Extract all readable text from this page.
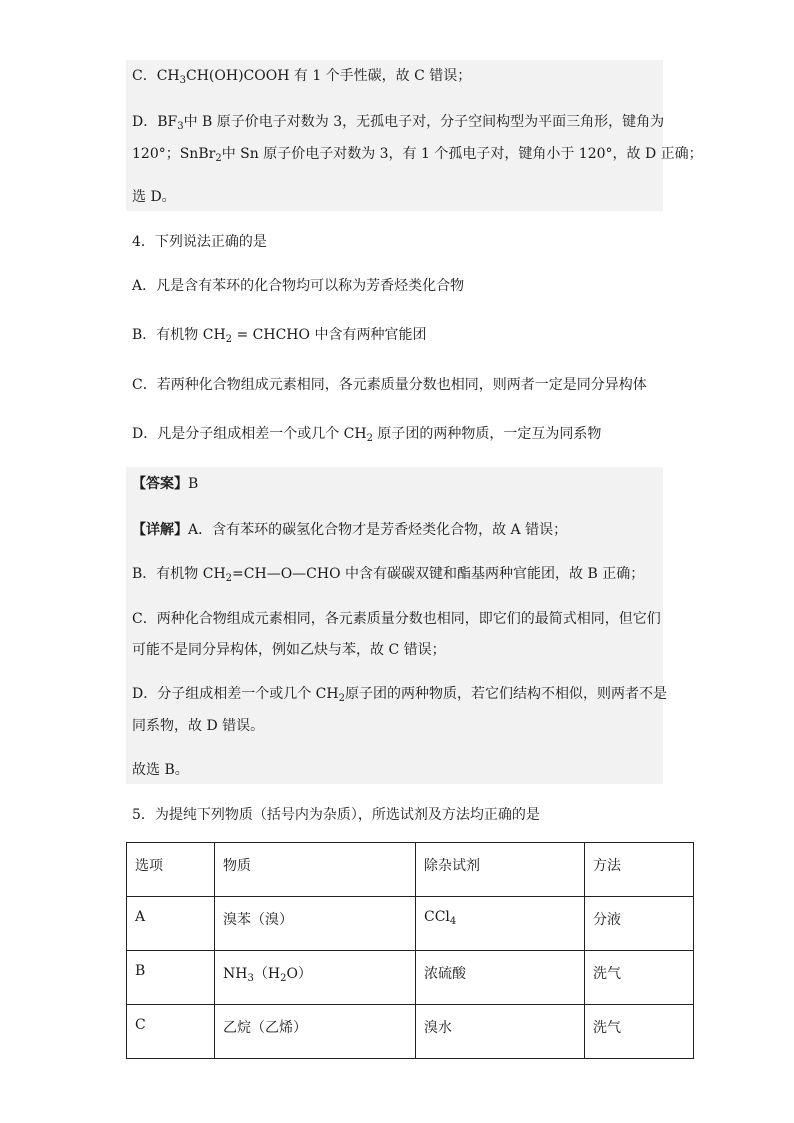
C．$CH_3CH(OH)COOH$ 有 1 个手性碳，故 C 错误；
D．$BF_3$中 B 原子价电子对数为 3，无孤电子对，分子空间构型为平面三角形，键角为
120°；SnBr$_2$中 Sn 原子价电子对数为 3，有 1 个孤电子对，键角小于 120°，故 D 正确；
选 D。
4．下列说法正确的是
A．凡是含有苯环的化合物均可以称为芳香烃类化合物
B．有机物 $CH_2$ = CHCHO 中含有两种官能团
C．若两种化合物组成元素相同，各元素质量分数也相同，则两者一定是同分异构体
D．凡是分子组成相差一个或几个 $CH_2$ 原子团的两种物质，一定互为同系物
【答案】B
【详解】A．含有苯环的碳氢化合物才是芳香烃类化合物，故 A 错误；
B．有机物 $CH_2=CH—O—CHO$ 中含有碳碳双键和酯基两种官能团，故 B 正确；
C．两种化合物组成元素相同，各元素质量分数也相同，即它们的最简式相同，但它们
可能不是同分异构体，例如乙炔与苯，故 C 错误；
D．分子组成相差一个或几个 $CH_2$原子团的两种物质，若它们结构不相似，则两者不是
同系物，故 D 错误。
故选 B。
5．为提纯下列物质（括号内为杂质），所选试剂及方法均正确的是
选项	物质	除杂试剂	方法
A	溴苯（溴）	CCl$_4$	分液
B	$NH_3(H_2O)$	浓硫酸	洗气
C	乙烷（乙烯）	溴水	洗气
